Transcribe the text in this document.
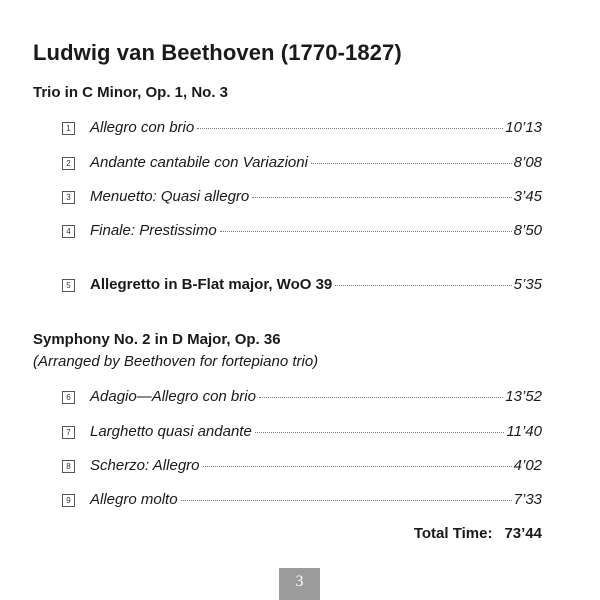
Ludwig van Beethoven (1770-1827)
Trio in C Minor, Op. 1, No. 3
1 Allegro con brio	10’13
2 Andante cantabile con Variazioni	8’08
3 Menuetto: Quasi allegro	3’45
4 Finale: Prestissimo	8’50
5 Allegretto in B-Flat major, WoO 39	5’35
Symphony No. 2 in D Major, Op. 36
(Arranged by Beethoven for fortepiano trio)
6 Adagio—Allegro con brio	13’52
7 Larghetto quasi andante	11’40
8 Scherzo: Allegro	4’02
9 Allegro molto	7’33
Total Time: 73’44
3
